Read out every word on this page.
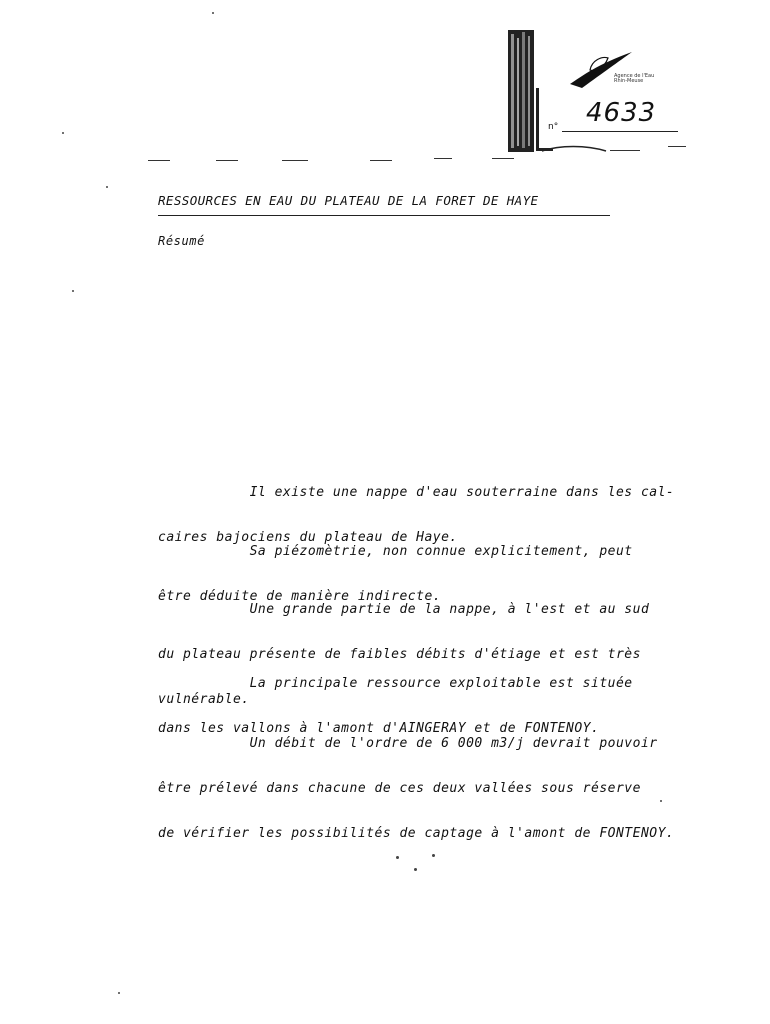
Agence de l'Eau
Rhin-Meuse
n° 4633
RESSOURCES EN EAU DU PLATEAU DE LA FORET DE HAYE
Résumé

Il existe une nappe d'eau souterraine dans les cal-

caires bajociens du plateau de Haye.

Sa piézomètrie, non connue explicitement, peut

être déduite de manière indirecte.

Une grande partie de la nappe, à l'est et au sud

du plateau présente de faibles débits d'étiage et est très

vulnérable.

La principale ressource exploitable est située

dans les vallons à l'amont d'AINGERAY et de FONTENOY.

Un débit de l'ordre de 6 000 m3/j devrait pouvoir

être prélevé dans chacune de ces deux vallées sous réserve

de vérifier les possibilités de captage à l'amont de FONTENOY.
